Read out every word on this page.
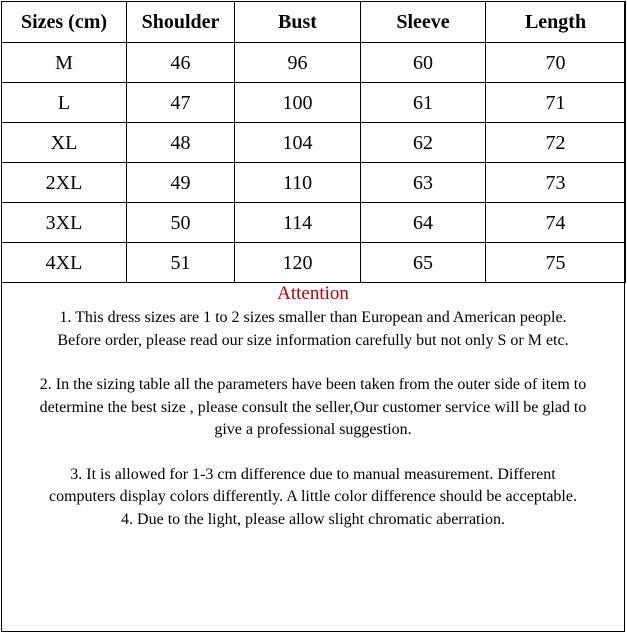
Sizes (cm)	Shoulder	Bust	Sleeve	Length
M	46	96	60	70
L	47	100	61	71
XL	48	104	62	72
2XL	49	110	63	73
3XL	50	114	64	74
4XL	51	120	65	75
Attention

1. This dress sizes are 1 to 2 sizes smaller than European and American people.
Before order, please read our size information carefully but not only S or M etc.

2. In the sizing table all the parameters have been taken from the outer side of item to
determine the best size , please consult the seller,Our customer service will be glad to
give a professional suggestion.

3. It is allowed for 1-3 cm difference due to manual measurement. Different
computers display colors differently. A little color difference should be acceptable.

4. Due to the light, please allow slight chromatic aberration.
